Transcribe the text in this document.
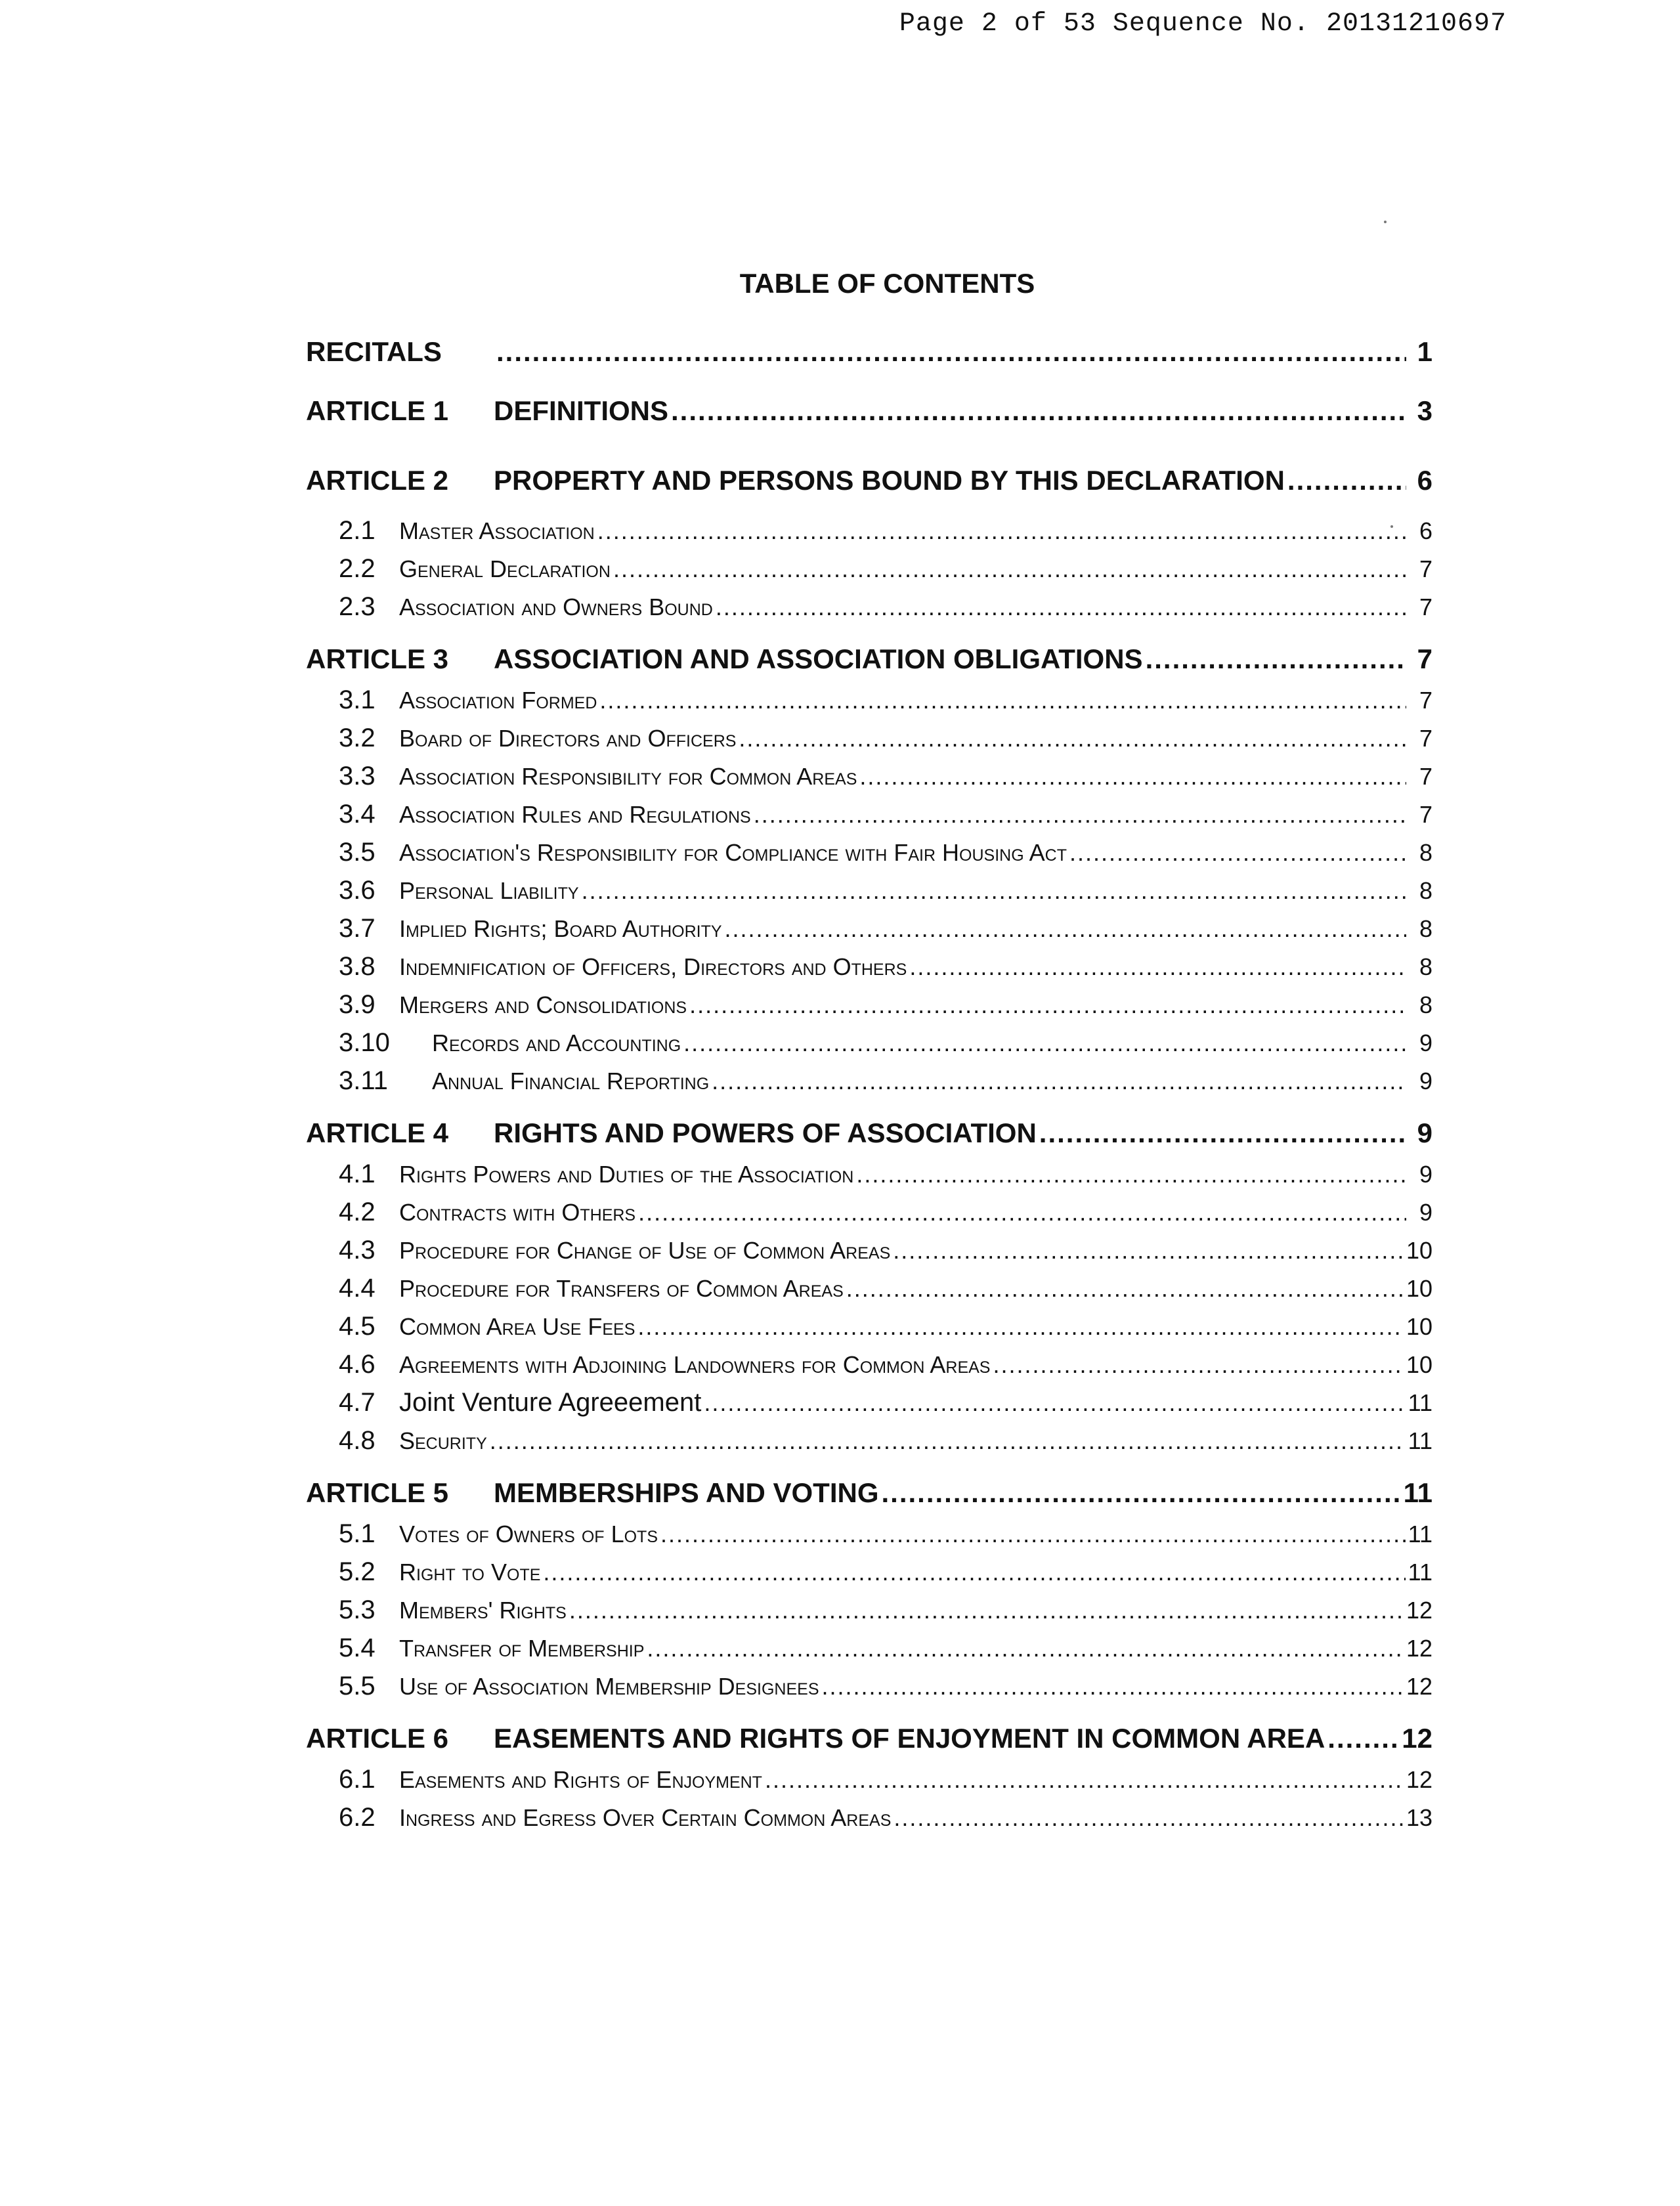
Page 2 of 53 Sequence No. 20131210697
TABLE OF CONTENTS
RECITALS .....	1
ARTICLE 1	DEFINITIONS .....	3
ARTICLE 2	PROPERTY AND PERSONS BOUND BY THIS DECLARATION .....	6
2.1	Master Association .....	6
2.2	General Declaration .....	7
2.3	Association and Owners Bound .....	7
ARTICLE 3	ASSOCIATION AND ASSOCIATION OBLIGATIONS .....	7
3.1	Association Formed .....	7
3.2	Board of Directors and Officers .....	7
3.3	Association Responsibility for Common Areas .....	7
3.4	Association Rules and Regulations .....	7
3.5	Association's Responsibility for Compliance with Fair Housing Act .....	8
3.6	Personal Liability .....	8
3.7	Implied Rights; Board Authority .....	8
3.8	Indemnification of Officers, Directors and Others .....	8
3.9	Mergers and Consolidations .....	8
3.10	Records and Accounting .....	9
3.11	Annual Financial Reporting .....	9
ARTICLE 4	RIGHTS AND POWERS OF ASSOCIATION .....	9
4.1	Rights Powers and Duties of the Association .....	9
4.2	Contracts with Others .....	9
4.3	Procedure for Change of Use of Common Areas .....	10
4.4	Procedure for Transfers of Common Areas .....	10
4.5	Common Area Use Fees .....	10
4.6	Agreements with Adjoining Landowners for Common Areas .....	10
4.7 Joint Venture Agreeement .....	11
4.8	Security .....	11
ARTICLE 5	MEMBERSHIPS AND VOTING .....	11
5.1	Votes of Owners of Lots .....	11
5.2	Right to Vote .....	11
5.3	Members' Rights .....	12
5.4	Transfer of Membership .....	12
5.5	Use of Association Membership Designees .....	12
ARTICLE 6	EASEMENTS AND RIGHTS OF ENJOYMENT IN COMMON AREA .....	12
6.1	Easements and Rights of Enjoyment .....	12
6.2	Ingress and Egress Over Certain Common Areas .....	13
